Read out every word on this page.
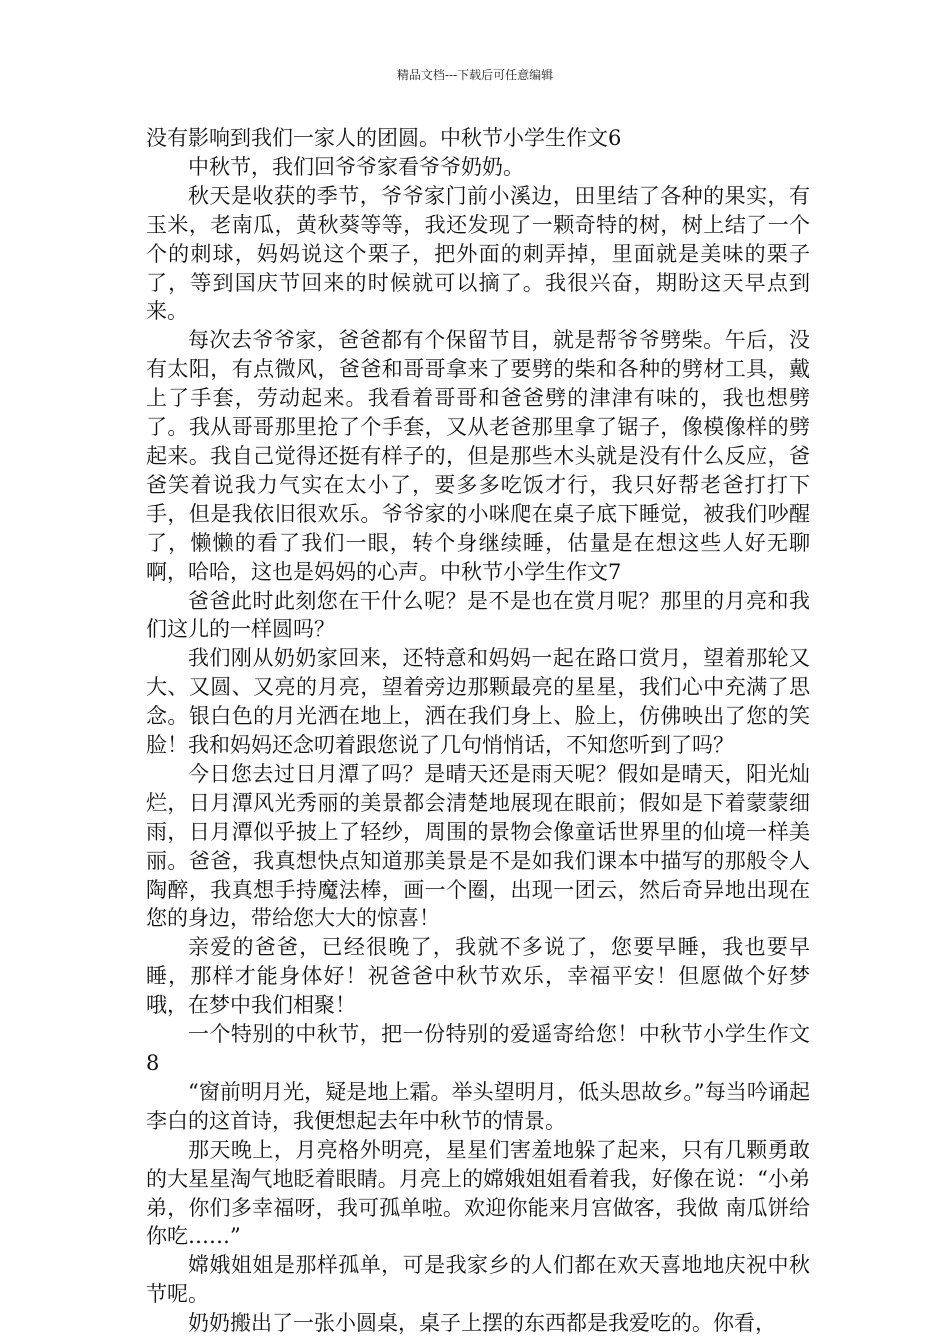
精品文档---下载后可任意编辑

没有影响到我们一家人的团圆。中秋节小学生作文6

中秋节，我们回爷爷家看爷爷奶奶。

秋天是收获的季节，爷爷家门前小溪边，田里结了各种的果实，有玉米，老南瓜，黄秋葵等等，我还发现了一颗奇特的树，树上结了一个个的刺球，妈妈说这个栗子，把外面的刺弄掉，里面就是美味的栗子了，等到国庆节回来的时候就可以摘了。我很兴奋，期盼这天早点到来。

每次去爷爷家，爸爸都有个保留节目，就是帮爷爷劈柴。午后，没有太阳，有点微风，爸爸和哥哥拿来了要劈的柴和各种的劈材工具，戴上了手套，劳动起来。我看着哥哥和爸爸劈的津津有味的，我也想劈了。我从哥哥那里抢了个手套，又从老爸那里拿了锯子，像模像样的劈起来。我自己觉得还挺有样子的，但是那些木头就是没有什么反应，爸爸笑着说我力气实在太小了，要多多吃饭才行，我只好帮老爸打打下手，但是我依旧很欢乐。爷爷家的小咪爬在桌子底下睡觉，被我们吵醒了，懒懒的看了我们一眼，转个身继续睡，估量是在想这些人好无聊啊，哈哈，这也是妈妈的心声。中秋节小学生作文7

爸爸此时此刻您在干什么呢？是不是也在赏月呢？那里的月亮和我们这儿的一样圆吗？

我们刚从奶奶家回来，还特意和妈妈一起在路口赏月，望着那轮又大、又圆、又亮的月亮，望着旁边那颗最亮的星星，我们心中充满了思念。银白色的月光洒在地上，洒在我们身上、脸上，仿佛映出了您的笑脸！我和妈妈还念叨着跟您说了几句悄悄话，不知您听到了吗？

今日您去过日月潭了吗？是晴天还是雨天呢？假如是晴天，阳光灿烂，日月潭风光秀丽的美景都会清楚地展现在眼前；假如是下着蒙蒙细雨，日月潭似乎披上了轻纱，周围的景物会像童话世界里的仙境一样美丽。爸爸，我真想快点知道那美景是不是如我们课本中描写的那般令人陶醉，我真想手持魔法棒，画一个圈，出现一团云，然后奇异地出现在您的身边，带给您大大的惊喜！

亲爱的爸爸，已经很晚了，我就不多说了，您要早睡，我也要早睡，那样才能身体好！祝爸爸中秋节欢乐，幸福平安！但愿做个好梦哦，在梦中我们相聚！

一个特别的中秋节，把一份特别的爱遥寄给您！中秋节小学生作文8

“窗前明月光，疑是地上霜。举头望明月，低头思故乡。”每当吟诵起李白的这首诗，我便想起去年中秋节的情景。

那天晚上，月亮格外明亮，星星们害羞地躲了起来，只有几颗勇敢的大星星淘气地眨着眼睛。月亮上的嫦娥姐姐看着我，好像在说：“小弟弟，你们多幸福呀，我可孤单啦。欢迎你能来月宫做客，我做 南瓜饼给你吃……”

嫦娥姐姐是那样孤单，可是我家乡的人们都在欢天喜地地庆祝中秋节呢。

奶奶搬出了一张小圆桌，桌子上摆的东西都是我爱吃的。你看，
